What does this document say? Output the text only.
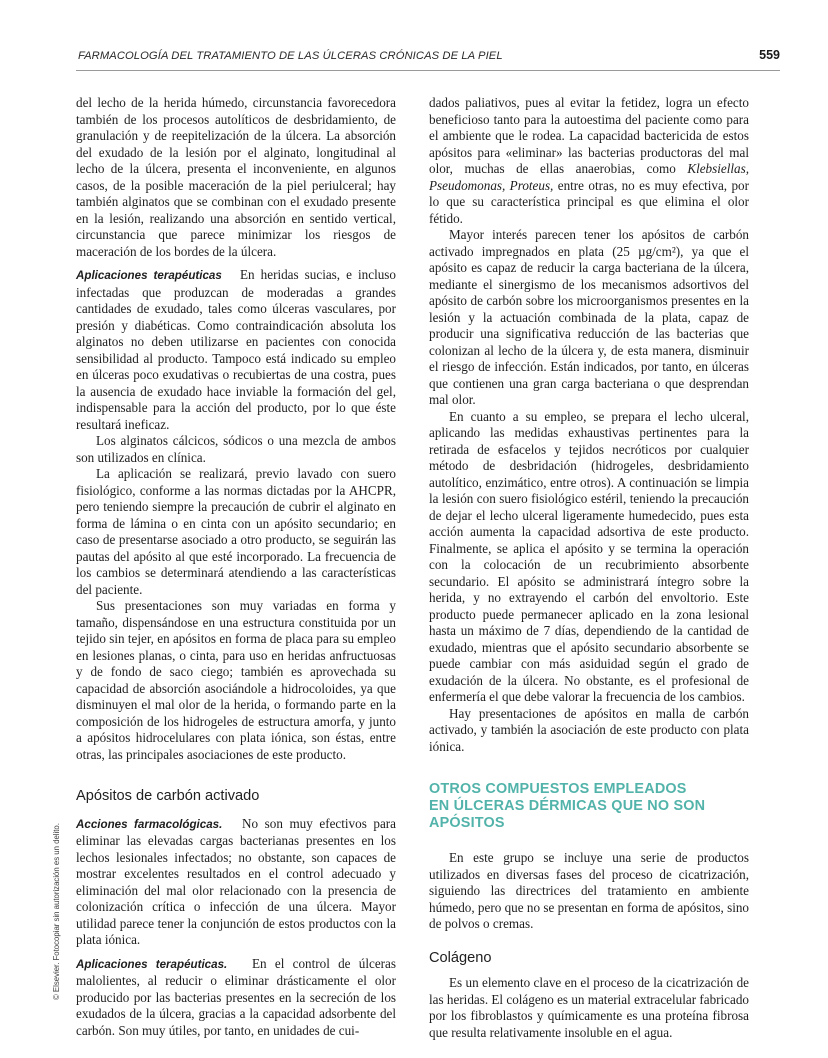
FARMACOLOGÍA DEL TRATAMIENTO DE LAS ÚLCERAS CRÓNICAS DE LA PIEL	559

del lecho de la herida húmedo, circunstancia favorecedora también de los procesos autolíticos de desbridamiento, de granulación y de reepitelización de la úlcera. La absorción del exudado de la lesión por el alginato, longitudinal al lecho de la úlcera, presenta el inconveniente, en algunos casos, de la posible maceración de la piel periulceral; hay también alginatos que se combinan con el exudado presente en la lesión, realizando una absorción en sentido vertical, circunstancia que parece minimizar los riesgos de maceración de los bordes de la úlcera.

Aplicaciones terapéuticas En heridas sucias, e incluso infectadas que produzcan de moderadas a grandes cantidades de exudado, tales como úlceras vasculares, por presión y diabéticas. Como contraindicación absoluta los alginatos no deben utilizarse en pacientes con conocida sensibilidad al producto. Tampoco está indicado su empleo en úlceras poco exudativas o recubiertas de una costra, pues la ausencia de exudado hace inviable la formación del gel, indispensable para la acción del producto, por lo que éste resultará ineficaz.

Los alginatos cálcicos, sódicos o una mezcla de ambos son utilizados en clínica.

La aplicación se realizará, previo lavado con suero fisiológico, conforme a las normas dictadas por la AHCPR, pero teniendo siempre la precaución de cubrir el alginato en forma de lámina o en cinta con un apósito secundario; en caso de presentarse asociado a otro producto, se seguirán las pautas del apósito al que esté incorporado. La frecuencia de los cambios se determinará atendiendo a las características del paciente.

Sus presentaciones son muy variadas en forma y tamaño, dispensándose en una estructura constituida por un tejido sin tejer, en apósitos en forma de placa para su empleo en lesiones planas, o cinta, para uso en heridas anfructuosas y de fondo de saco ciego; también es aprovechada su capacidad de absorción asociándole a hidrocoloides, ya que disminuyen el mal olor de la herida, o formando parte en la composición de los hidrogeles de estructura amorfa, y junto a apósitos hidrocelulares con plata iónica, son éstas, entre otras, las principales asociaciones de este producto.

Apósitos de carbón activado

Acciones farmacológicas. No son muy efectivos para eliminar las elevadas cargas bacterianas presentes en los lechos lesionales infectados; no obstante, son capaces de mostrar excelentes resultados en el control adecuado y eliminación del mal olor relacionado con la presencia de colonización crítica o infección de una úlcera. Mayor utilidad parece tener la conjunción de estos productos con la plata iónica.

Aplicaciones terapéuticas. En el control de úlceras malolientes, al reducir o eliminar drásticamente el olor producido por las bacterias presentes en la secreción de los exudados de la úlcera, gracias a la capacidad adsorbente del carbón. Son muy útiles, por tanto, en unidades de cui-

dados paliativos, pues al evitar la fetidez, logra un efecto beneficioso tanto para la autoestima del paciente como para el ambiente que le rodea. La capacidad bactericida de estos apósitos para «eliminar» las bacterias productoras del mal olor, muchas de ellas anaerobias, como Klebsiellas, Pseudomonas, Proteus, entre otras, no es muy efectiva, por lo que su característica principal es que elimina el olor fétido.

Mayor interés parecen tener los apósitos de carbón activado impregnados en plata (25 µg/cm²), ya que el apósito es capaz de reducir la carga bacteriana de la úlcera, mediante el sinergismo de los mecanismos adsortivos del apósito de carbón sobre los microorganismos presentes en la lesión y la actuación combinada de la plata, capaz de producir una significativa reducción de las bacterias que colonizan al lecho de la úlcera y, de esta manera, disminuir el riesgo de infección. Están indicados, por tanto, en úlceras que contienen una gran carga bacteriana o que desprendan mal olor.

En cuanto a su empleo, se prepara el lecho ulceral, aplicando las medidas exhaustivas pertinentes para la retirada de esfacelos y tejidos necróticos por cualquier método de desbridación (hidrogeles, desbridamiento autolítico, enzimático, entre otros). A continuación se limpia la lesión con suero fisiológico estéril, teniendo la precaución de dejar el lecho ulceral ligeramente humedecido, pues esta acción aumenta la capacidad adsortiva de este producto. Finalmente, se aplica el apósito y se termina la operación con la colocación de un recubrimiento absorbente secundario. El apósito se administrará íntegro sobre la herida, y no extrayendo el carbón del envoltorio. Este producto puede permanecer aplicado en la zona lesional hasta un máximo de 7 días, dependiendo de la cantidad de exudado, mientras que el apósito secundario absorbente se puede cambiar con más asiduidad según el grado de exudación de la úlcera. No obstante, es el profesional de enfermería el que debe valorar la frecuencia de los cambios.

Hay presentaciones de apósitos en malla de carbón activado, y también la asociación de este producto con plata iónica.

OTROS COMPUESTOS EMPLEADOS
EN ÚLCERAS DÉRMICAS QUE NO SON
APÓSITOS

En este grupo se incluye una serie de productos utilizados en diversas fases del proceso de cicatrización, siguiendo las directrices del tratamiento en ambiente húmedo, pero que no se presentan en forma de apósitos, sino de polvos o cremas.

Colágeno

Es un elemento clave en el proceso de la cicatrización de las heridas. El colágeno es un material extracelular fabricado por los fibroblastos y químicamente es una proteína fibrosa que resulta relativamente insoluble en el agua.

© Elsevier. Fotocopiar sin autorización es un delito.
